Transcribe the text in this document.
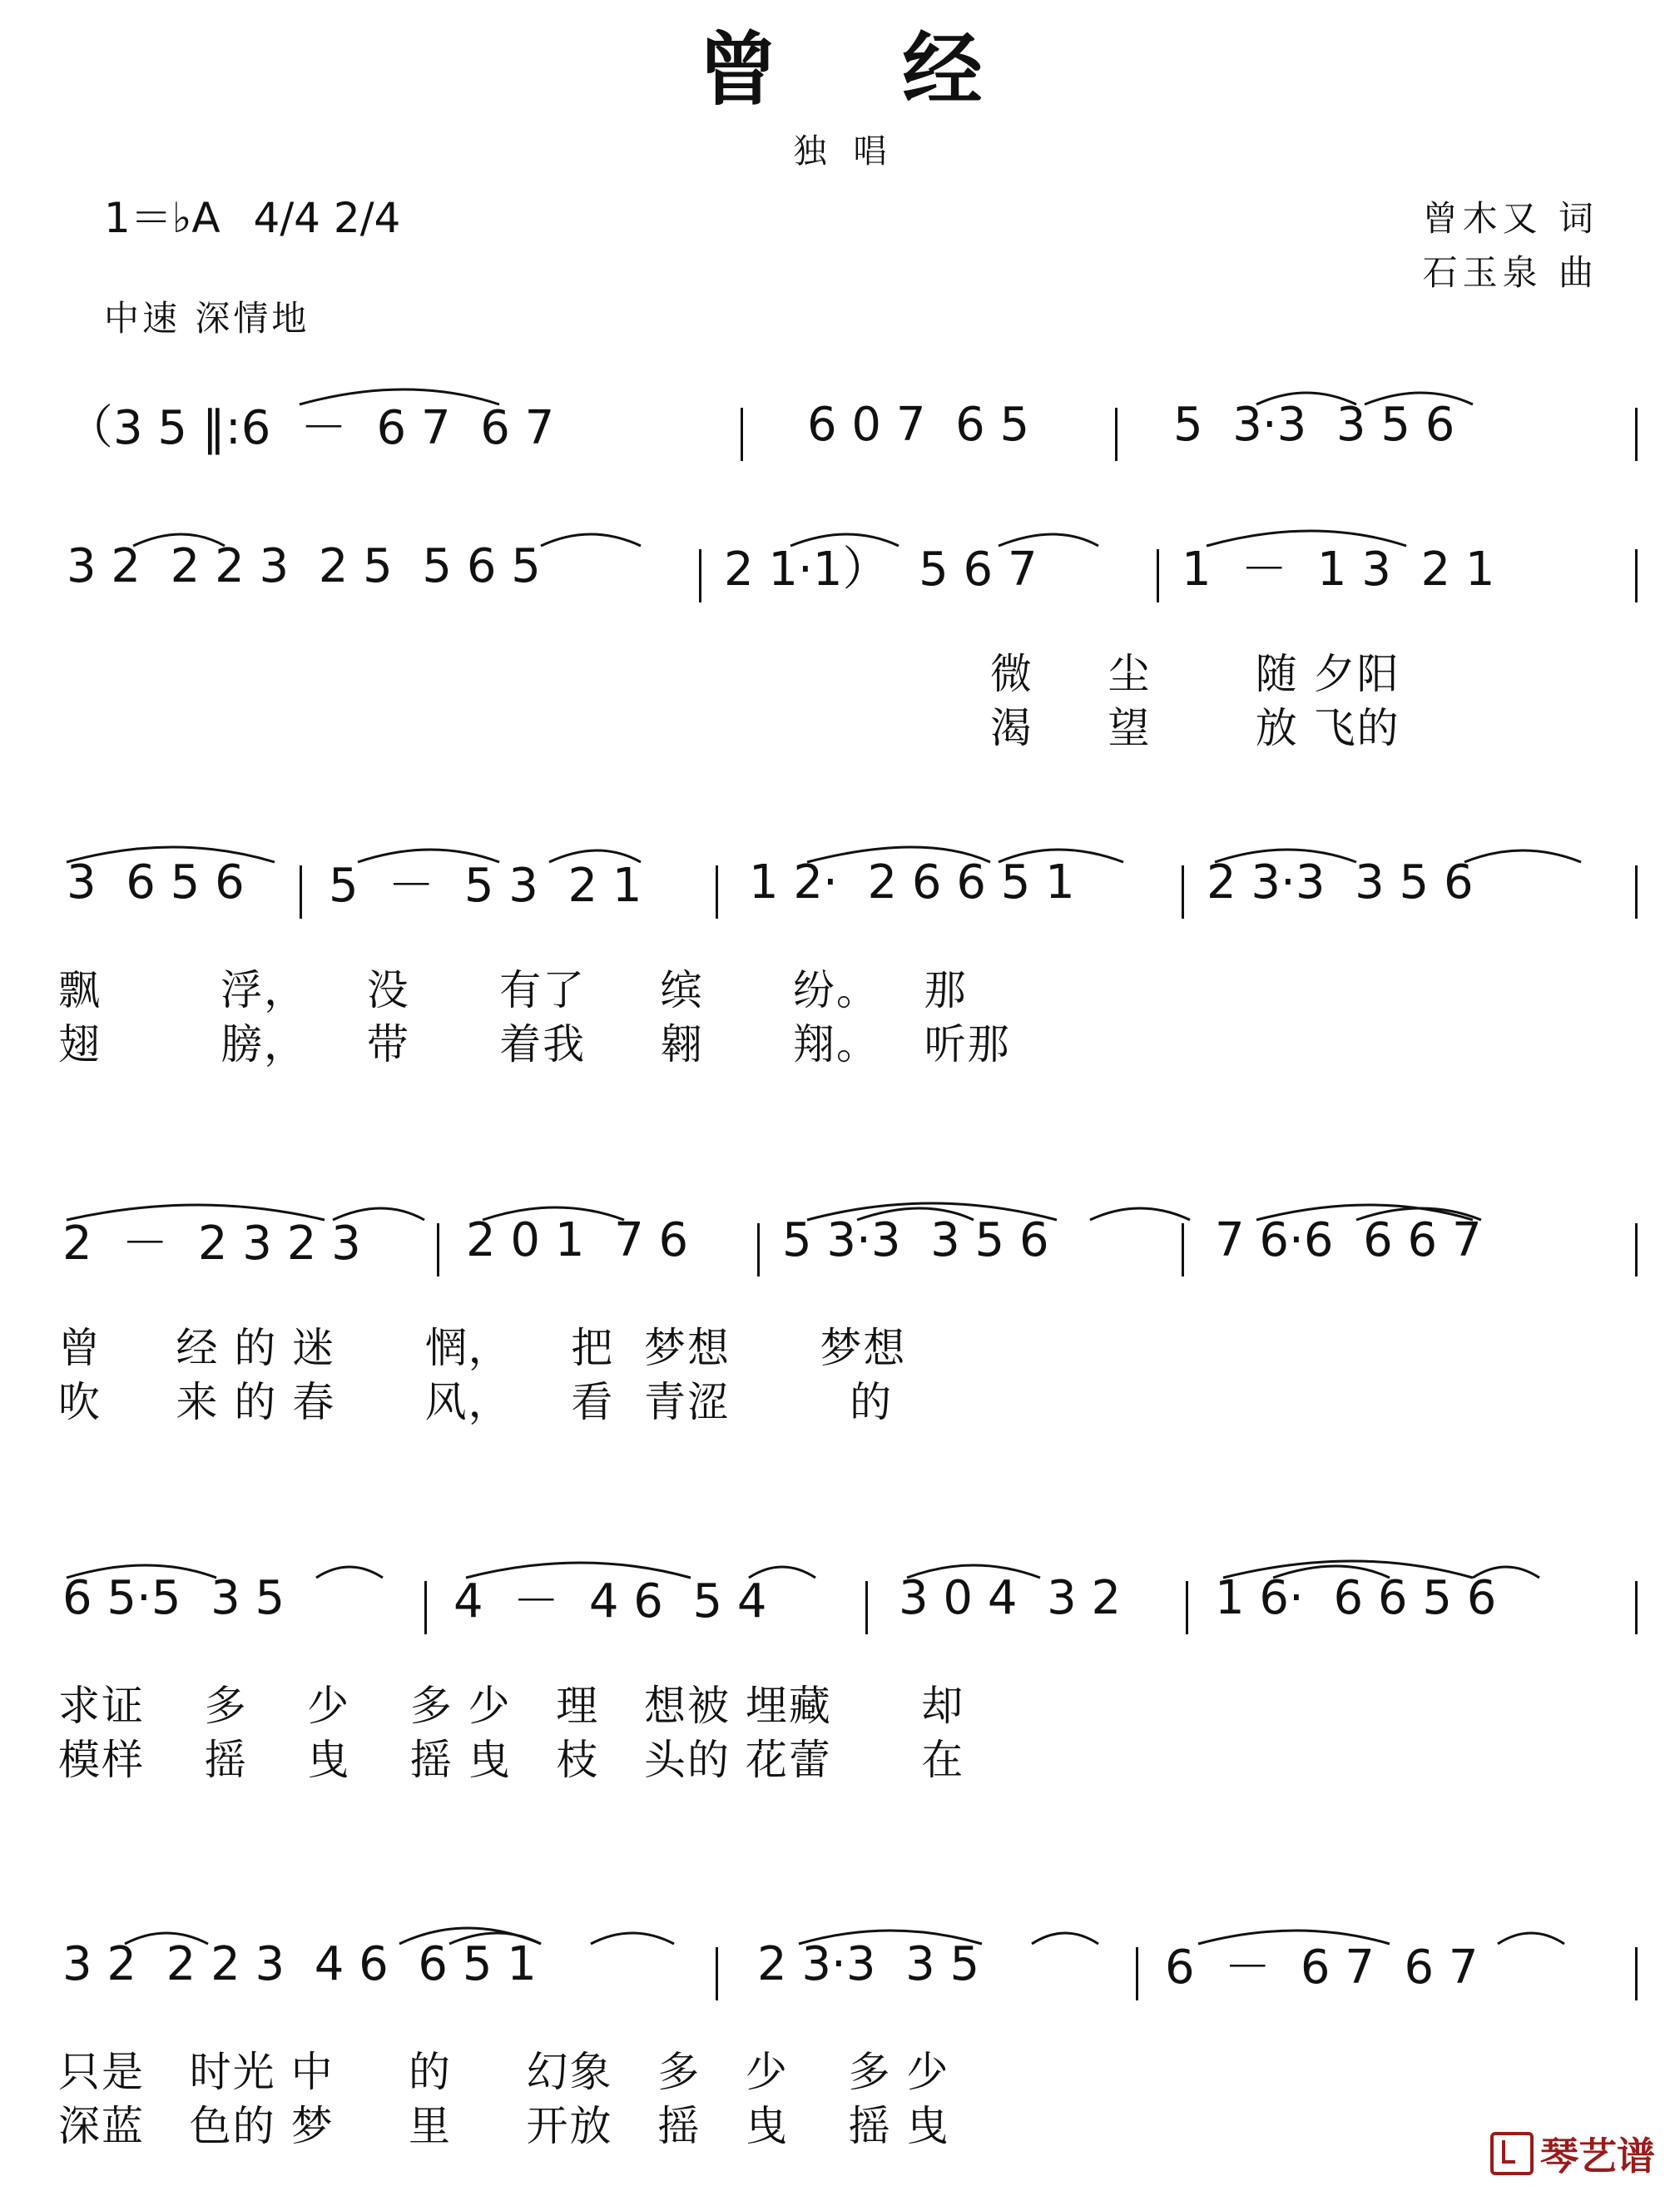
曾经
独唱
1＝♭A 4/4 2/4	曾木又 词
石玉泉 曲
中速 深情地
（3 5 ‖:6  －  6 7  6 7	6 0 7  6 5	5  3·3  3 5 6
3 2  2 2 3  2 5  5 6 5	2 1·1）  5 6 7	1  －  1 3  2 1
微     尘       随 夕阳
渴     望       放 飞的
3  6 5 6 5  －  5 3  2 1 1 2·  2 6 6 5 1	2 3·3  3 5 6
飘        浮，    没      有了     缤      纷。   那
翅        膀，    带      着我     翱      翔。   听那
2  －  2 3 2 3 2 0 1  7 6 5 3·3  3 5 6	7 6·6  6 6 7
曾     经 的 迷      惘，    把  梦想      梦想
吹     来 的 春      风，    看  青涩        的
6 5·5  3 5	4  －  4 6  5 4	3 0 4  3 2 1 6·  6 6 5 6
求证    多    少    多 少   理   想被 埋藏      却
模样    摇    曳    摇 曳   枝   头的 花蕾      在
3 2  2 2 3  4 6  6 5 1	2 3·3  3 5	6  －  6 7  6 7
只是   时光 中     的     幻象   多   少    多 少
深蓝   色的 梦     里     开放   摇   曳    摇 曳
琴艺谱
